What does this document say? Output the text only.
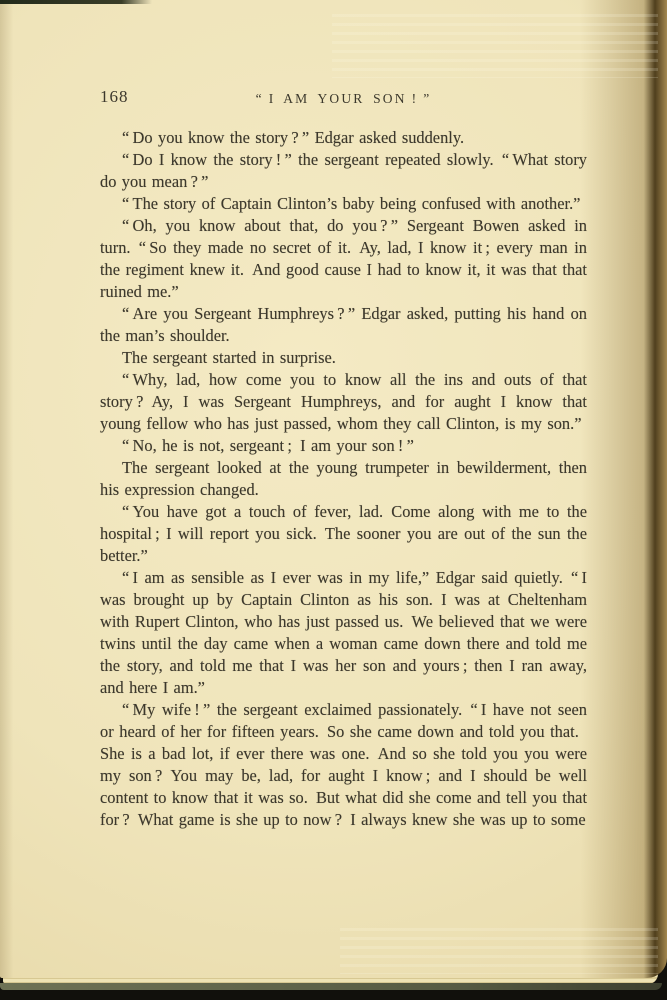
168	“ I AM YOUR SON ! ”

“ Do you know the story ? ” Edgar asked suddenly.

“ Do I know the story ! ” the sergeant repeated slowly. “ What story do you mean ? ”

“ The story of Captain Clinton’s baby being confused with another.”

“ Oh, you know about that, do you ? ” Sergeant Bowen asked in turn. “ So they made no secret of it. Ay, lad, I know it ; every man in the regiment knew it. And good cause I had to know it, it was that that ruined me.”

“ Are you Sergeant Humphreys ? ” Edgar asked, putting his hand on the man’s shoulder.

The sergeant started in surprise.

“ Why, lad, how come you to know all the ins and outs of that story ? Ay, I was Sergeant Humphreys, and for aught I know that young fellow who has just passed, whom they call Clinton, is my son.”

“ No, he is not, sergeant ; I am your son ! ”

The sergeant looked at the young trumpeter in bewilderment, then his expression changed.

“ You have got a touch of fever, lad. Come along with me to the hospital ; I will report you sick. The sooner you are out of the sun the better.”

“ I am as sensible as I ever was in my life,” Edgar said quietly. “ I was brought up by Captain Clinton as his son. I was at Cheltenham with Rupert Clinton, who has just passed us. We believed that we were twins until the day came when a woman came down there and told me the story, and told me that I was her son and yours ; then I ran away, and here I am.”

“ My wife ! ” the sergeant exclaimed passionately. “ I have not seen or heard of her for fifteen years. So she came down and told you that. She is a bad lot, if ever there was one. And so she told you you were my son ? You may be, lad, for aught I know ; and I should be well content to know that it was so. But what did she come and tell you that for ? What game is she up to now ? I always knew she was up to some
